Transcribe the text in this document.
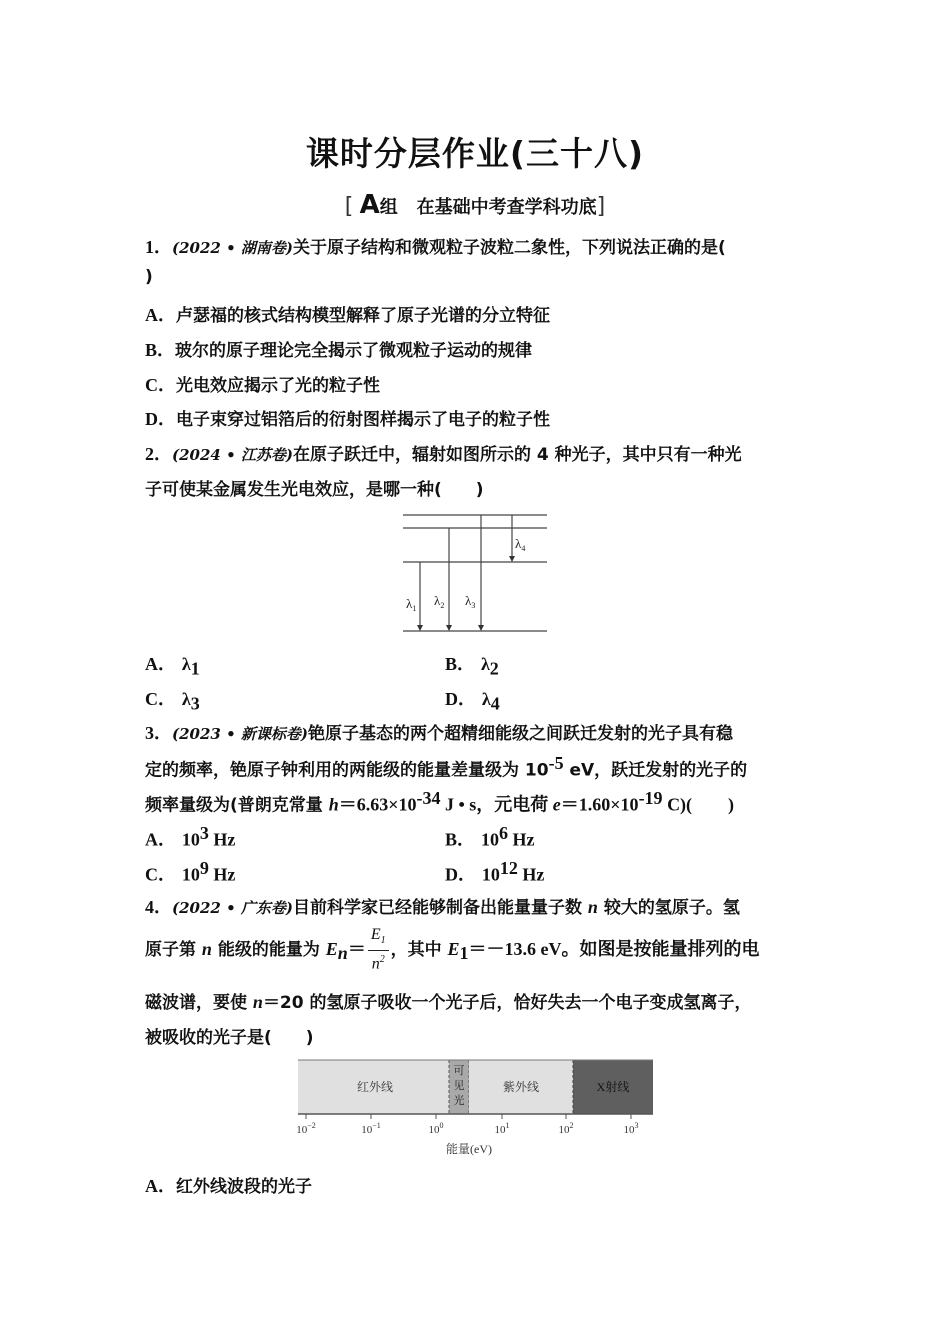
课时分层作业(三十八)
[ A组 在基础中考查学科功底]
1．(2022 • 湖南卷)关于原子结构和微观粒子波粒二象性，下列说法正确的是(
)
A．卢瑟福的核式结构模型解释了原子光谱的分立特征
B．玻尔的原子理论完全揭示了微观粒子运动的规律
C．光电效应揭示了光的粒子性
D．电子束穿过铝箔后的衍射图样揭示了电子的粒子性
2．(2024 • 江苏卷)在原子跃迁中，辐射如图所示的 4 种光子，其中只有一种光
子可使某金属发生光电效应，是哪一种(　　)
$\lambda_1$
$\lambda_2$ $\lambda_3$
$\lambda_4$
A． $\lambda_1$	B． $\lambda_2$
C． $\lambda_3$	D． $\lambda_4$
3．(2023 • 新课标卷)铯原子基态的两个超精细能级之间跃迁发射的光子具有稳
定的频率，铯原子钟利用的两能级的能量差量级为 $10^{-5}$ eV，跃迁发射的光子的
频率量级为(普朗克常量 $h=6.63\times 10^{-34}$ J • s，元电荷 $e=1.60\times 10^{-19}$ C)(　　)
A． $10^3$ Hz	B． $10^6$ Hz
C． $10^9$ Hz	D． $10^{12}$ Hz
4．(2022 • 广东卷)目前科学家已经能够制备出能量量子数 n 较大的氢原子。氢
原子第 n 能级的能量为 $E_n= \frac{E_1}{n^2}$ ，其中 $E_1=-13.6$ eV。如图是按能量排列的电
磁波谱，要使 n＝20 的氢原子吸收一个光子后，恰好失去一个电子变成氢离子，
被吸收的光子是(　　)
红外线
可
见
光
紫外线	X射线
$10^{-2}$	$10^{-1}$	$10^0$	$10^1$	$10^2$	$10^3$
能量(eV)
A．红外线波段的光子
